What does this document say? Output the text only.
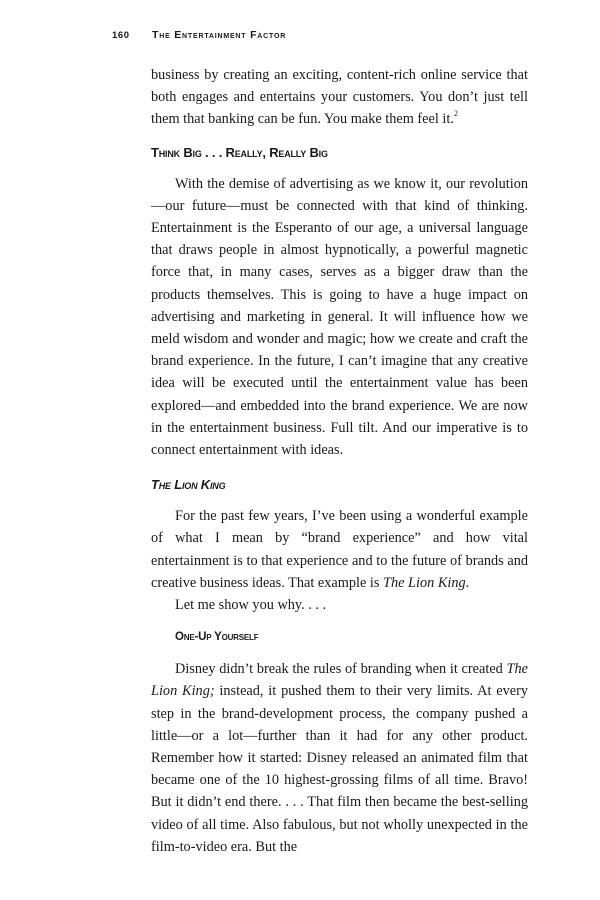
160 The Entertainment Factor

business by creating an exciting, content-rich online service that both engages and entertains your customers. You don’t just tell them that banking can be fun. You make them feel it.$^2$

Think Big . . . Really, Really Big

With the demise of advertising as we know it, our revolution—our future—must be connected with that kind of thinking. Entertainment is the Esperanto of our age, a universal language that draws people in almost hypnotically, a powerful magnetic force that, in many cases, serves as a bigger draw than the products themselves. This is going to have a huge impact on advertising and marketing in general. It will influence how we meld wisdom and wonder and magic; how we create and craft the brand experience. In the future, I can’t imagine that any creative idea will be executed until the entertainment value has been explored—and embedded into the brand experience. We are now in the entertainment business. Full tilt. And our imperative is to connect entertainment with ideas.

The Lion King

For the past few years, I’ve been using a wonderful example of what I mean by “brand experience” and how vital entertainment is to that experience and to the future of brands and creative business ideas. That example is The Lion King.

Let me show you why. . . .

One-Up Yourself

Disney didn’t break the rules of branding when it created The Lion King; instead, it pushed them to their very limits. At every step in the brand-development process, the company pushed a little—or a lot—further than it had for any other product. Remember how it started: Disney released an animated film that became one of the 10 highest-grossing films of all time. Bravo! But it didn’t end there. . . . That film then became the best-selling video of all time. Also fabulous, but not wholly unexpected in the film-to-video era. But the
